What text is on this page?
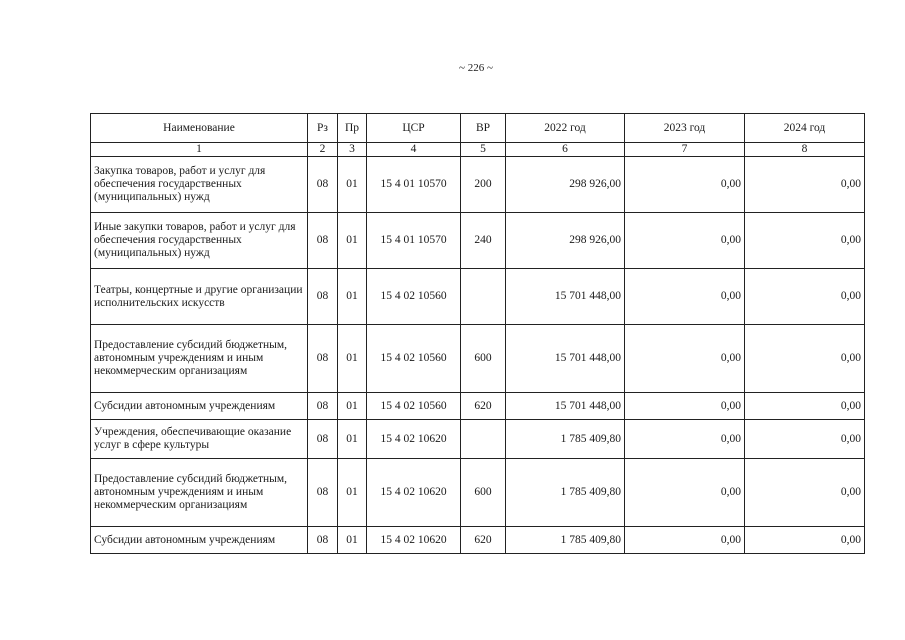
~ 226 ~
Наименование	Рз	Пр	ЦСР	ВР	2022 год	2023 год	2024 год
1	2	3	4	5	6	7	8
Закупка товаров, работ и услуг для обеспечения государственных (муниципальных) нужд	08	01	15 4 01 10570	200	298 926,00	0,00	0,00
Иные закупки товаров, работ и услуг для обеспечения государственных (муниципальных) нужд	08	01	15 4 01 10570	240	298 926,00	0,00	0,00
Театры, концертные и другие организации исполнительских искусств	08	01	15 4 02 10560		15 701 448,00	0,00	0,00
Предоставление субсидий бюджетным, автономным учреждениям и иным некоммерческим организациям	08	01	15 4 02 10560	600	15 701 448,00	0,00	0,00
Субсидии автономным учреждениям	08	01	15 4 02 10560	620	15 701 448,00	0,00	0,00
Учреждения, обеспечивающие оказание услуг в сфере культуры	08	01	15 4 02 10620		1 785 409,80	0,00	0,00
Предоставление субсидий бюджетным, автономным учреждениям и иным некоммерческим организациям	08	01	15 4 02 10620	600	1 785 409,80	0,00	0,00
Субсидии автономным учреждениям	08	01	15 4 02 10620	620	1 785 409,80	0,00	0,00
